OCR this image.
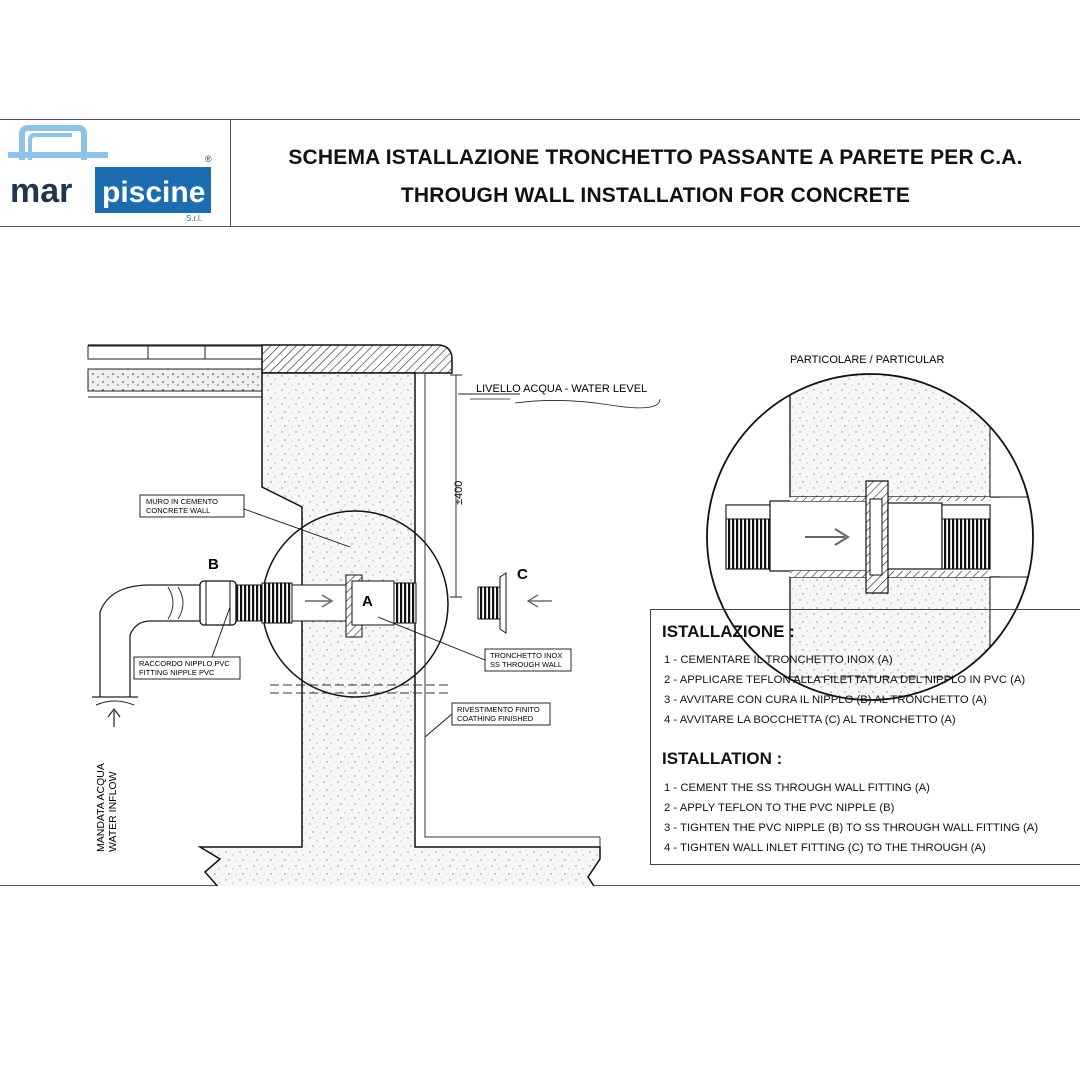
mar piscine
S.r.l.
®	SCHEMA ISTALLAZIONE TRONCHETTO PASSANTE A PARETE PER C.A.
THROUGH WALL INSTALLATION FOR CONCRETE
LIVELLO ACQUA - WATER LEVEL
±400
B
A
C
MURO IN CEMENTO
CONCRETE WALL
RACCORDO NIPPLO PVC
FITTING NIPPLE PVC
TRONCHETTO INOX
SS THROUGH WALL
RIVESTIMENTO FINITO
COATHING FINISHED
MANDATA ACQUA WATER INFLOW
PARTICOLARE / PARTICULAR
ISTALLAZIONE :
1 - CEMENTARE IL TRONCHETTO INOX (A)
2 - APPLICARE TEFLON ALLA FILETTATURA DEL NIPPLO IN PVC (A)
3 - AVVITARE CON CURA IL NIPPLO (B) AL TRONCHETTO (A)
4 - AVVITARE LA BOCCHETTA (C) AL TRONCHETTO (A)
ISTALLATION :
1 - CEMENT THE SS THROUGH WALL FITTING (A)
2 - APPLY TEFLON TO THE PVC NIPPLE (B)
3 - TIGHTEN THE PVC NIPPLE (B) TO SS THROUGH WALL FITTING (A)
4 - TIGHTEN WALL INLET FITTING (C) TO THE THROUGH (A)
